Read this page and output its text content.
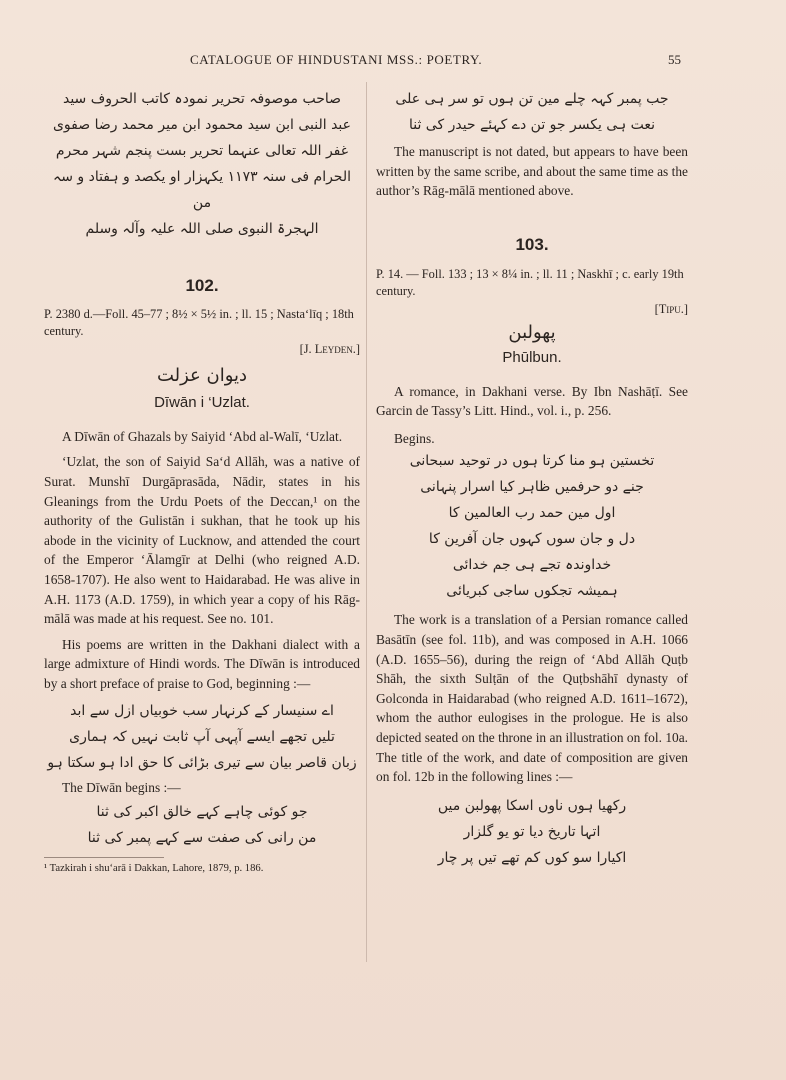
CATALOGUE OF HINDUSTANI MSS.: POETRY.	55
صاحب موصوفہ تحریر نمودہ کاتب الحروف سید
عبد النبی ابن سید محمود ابن میر محمد رضا صفوی
غفر اللہ تعالی عنہما تحریر بست پنجم شہر محرم
الحرام فی سنہ ۱۱۷۳ یکہزار او یکصد و ہفتاد و سہ من
الہجرۃ النبوی صلی اللہ علیہ وآلہ وسلم
102.
P. 2380 d.—Foll. 45–77 ; 8½ × 5½ in. ; ll. 15 ; Nasta‘līq ; 18th century.
[J. Leyden.]
دیوان عزلت
Dīwān i ‘Uzlat.

A Dīwān of Ghazals by Saiyid ‘Abd al-Walī, ‘Uzlat.

‘Uzlat, the son of Saiyid Sa‘d Allāh, was a native of Surat. Munshī Durgāprasāda, Nādir, states in his Gleanings from the Urdu Poets of the Deccan,¹ on the authority of the Gulistān i sukhan, that he took up his abode in the vicinity of Lucknow, and attended the court of the Emperor ‘Ālamgīr at Delhi (who reigned A.D. 1658-1707). He also went to Haidarabad. He was alive in A.H. 1173 (A.D. 1759), in which year a copy of his Rāg-mālā was made at his request. See no. 101.

His poems are written in the Dakhani dialect with a large admixture of Hindi words. The Dīwān is introduced by a short preface of praise to God, beginning :—

اے سنیسار کے کرنہار سب خوبیاں ازل سے ابد
تلیں تجھے ایسے آپہی آپ ثابت نہیں کہ ہماری
زبان قاصر بیان سے تیری بڑائی کا حق ادا ہو سکتا ہو

The Dīwān begins :—

جو کوئی چاہے کہے خالق اکبر کی ثنا
من رانی کی صفت سے کہے پمبر کی ثنا
¹ Tazkirah i shu‘arā i Dakkan, Lahore, 1879, p. 186.
جب پمبر کہہ چلے مین تن ہوں تو سر ہی علی
نعت ہی یکسر جو تن دے کہئے حیدر کی ثنا

The manuscript is not dated, but appears to have been written by the same scribe, and about the same time as the author’s Rāg-mālā mentioned above.

103.
P. 14. — Foll. 133 ; 13 × 8¼ in. ; ll. 11 ; Naskhī ; c. early 19th century.
[Tipu.]
پھولبن
Phūlbun.

A romance, in Dakhani verse. By Ibn Nashāṭī. See Garcin de Tassy’s Litt. Hind., vol. i., p. 256.

Begins.

تخستین ہو منا کرتا ہوں در توحید سبحانی
جنے دو حرفمیں ظاہر کیا اسرار پنہانی
اول مین حمد رب العالمین کا
دل و جان سوں کہوں جان آفرین کا
خداوندہ تجے ہی جم خدائی
ہمیشہ تجکوں ساجی کبریائی

The work is a translation of a Persian romance called Basātīn (see fol. 11b), and was composed in A.H. 1066 (A.D. 1655–56), during the reign of ‘Abd Allāh Quṭb Shāh, the sixth Sulṭān of the Quṭbshāhī dynasty of Golconda in Haidarabad (who reigned A.D. 1611–1672), whom the author eulogises in the prologue. He is also depicted seated on the throne in an illustration on fol. 10a. The title of the work, and date of composition are given on fol. 12b in the following lines :—

رکھیا ہوں ناوں اسکا پھولبن میں
اتہا تاریخ دیا تو یو گلزار
اکیارا سو کوں کم تھے تیں پر چار
